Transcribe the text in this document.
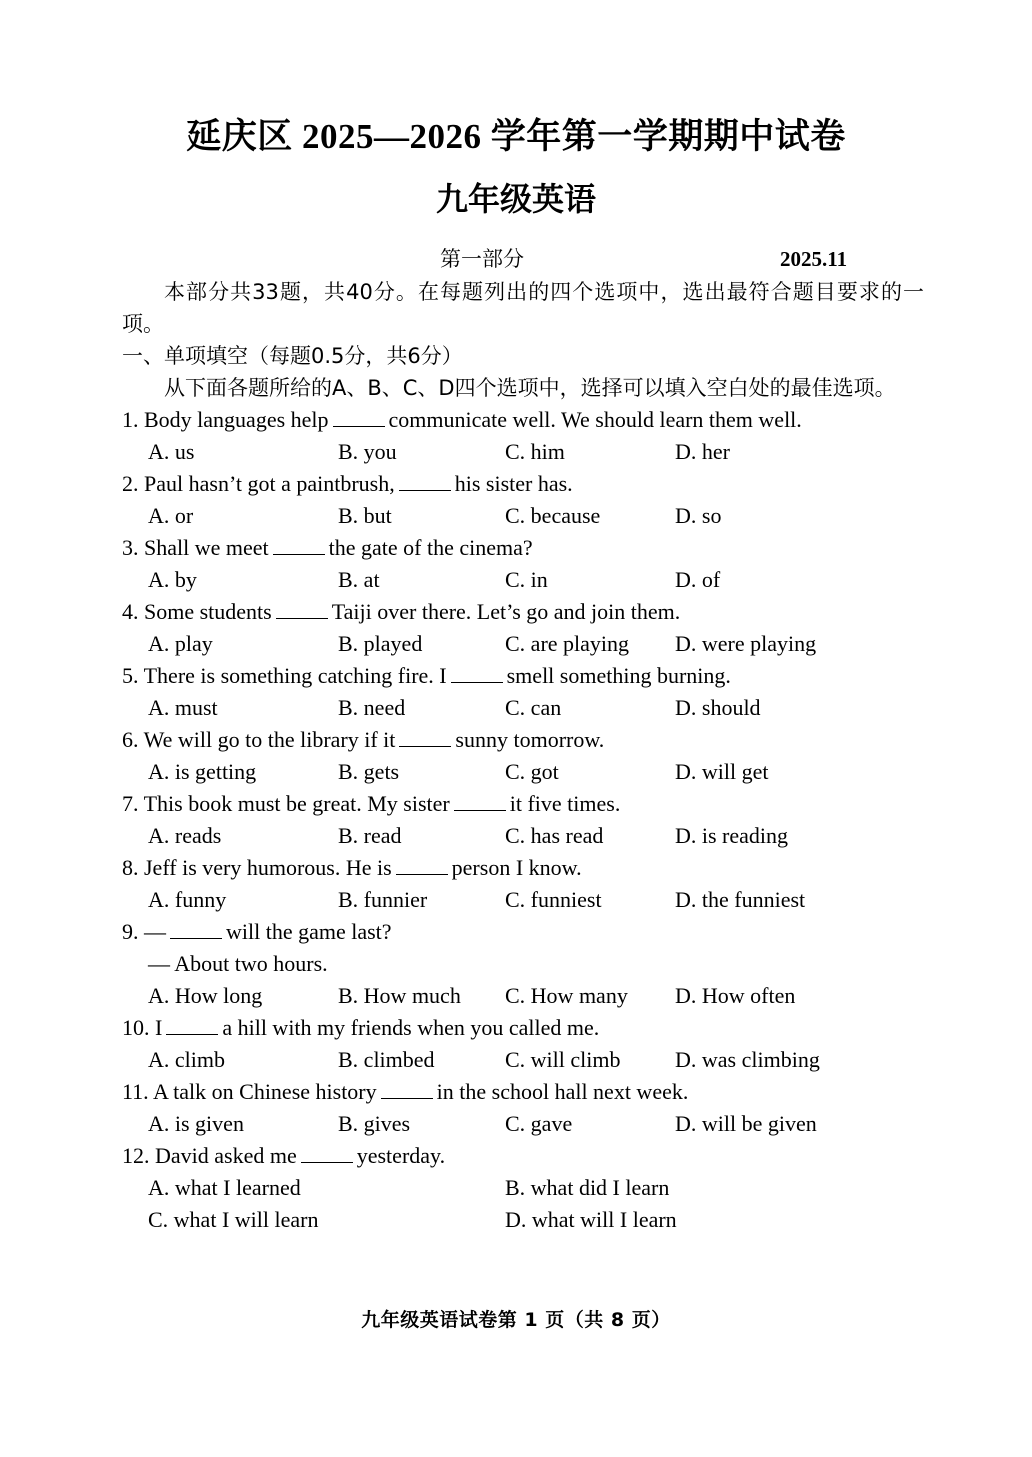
延庆区 2025—2026 学年第一学期期中试卷
九年级英语
第一部分	2025.11

本部分共33题，共40分。在每题列出的四个选项中，选出最符合题目要求的一项。

一、单项填空（每题0.5分，共6分）

从下面各题所给的A、B、C、D四个选项中，选择可以填入空白处的最佳选项。

1. Body languages help	communicate well. We should learn them well.
A. us	B. you	C. him	D. her
2. Paul hasn’t got a paintbrush,	his sister has.
A. or	B. but	C. because	D. so
3. Shall we meet	the gate of the cinema?
A. by	B. at	C. in	D. of
4. Some students	Taiji over there. Let’s go and join them.
A. play	B. played	C. are playing D. were playing
5. There is something catching fire. I	smell something burning.
A. must	B. need	C. can	D. should
6. We will go to the library if it	sunny tomorrow.
A. is getting	B. gets	C. got	D. will get
7. This book must be great. My sister	it five times.
A. reads	B. read	C. has read	D. is reading
8. Jeff is very humorous. He is	person I know.
A. funny	B. funnier	C. funniest	D. the funniest
9. —	will the game last?
— About two hours.
A. How long	B. How much C. How many D. How often
10. I	a hill with my friends when you called me.
A. climb	B. climbed	C. will climb D. was climbing
11. A talk on Chinese history	in the school hall next week.
A. is given	B. gives	C. gave	D. will be given
12. David asked me	yesterday.
A. what I learned	B. what did I learn
C. what I will learn	D. what will I learn
九年级英语试卷第 1 页（共 8 页）
